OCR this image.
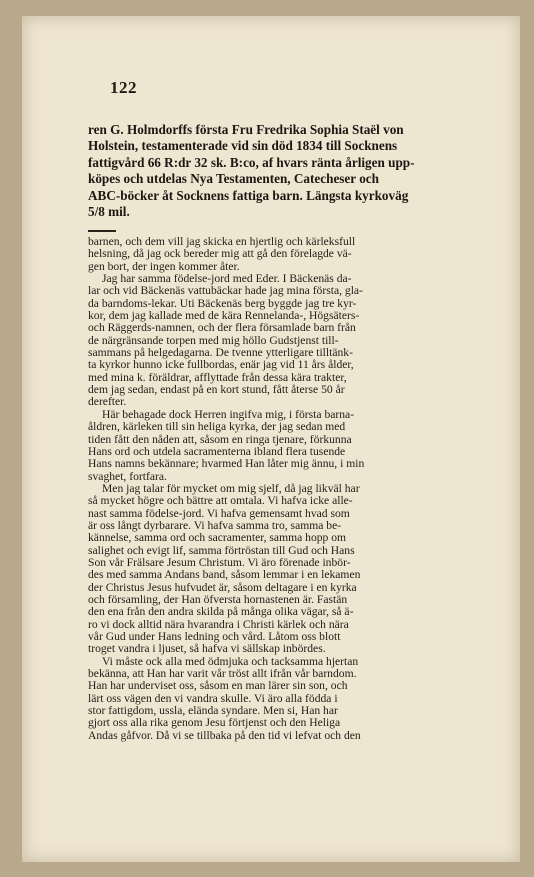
122
ren G. Holmdorffs första Fru Fredrika Sophia Staël von
Holstein, testamenterade vid sin död 1834 till Socknens
fattigvård 66 R:dr 32 sk. B:co, af hvars ränta årligen upp-
köpes och utdelas Nya Testamenten, Catecheser och
ABC-böcker åt Socknens fattiga barn. Längsta kyrkoväg
5/8 mil.
barnen, och dem vill jag skicka en hjertlig och kärleksfull
helsning, då jag ock bereder mig att gå den förelagde vä-
gen bort, der ingen kommer åter.
Jag har samma födelse-jord med Eder. I Bäckenäs da-
lar och vid Bäckenäs vattubäckar hade jag mina första, gla-
da barndoms-lekar. Uti Bäckenäs berg byggde jag tre kyr-
kor, dem jag kallade med de kära Rennelanda-, Högsäters-
och Räggerds-namnen, och der flera församlade barn från
de närgränsande torpen med mig höllo Gudstjenst till-
sammans på helgedagarna. De tvenne ytterligare tilltänk-
ta kyrkor hunno icke fullbordas, enär jag vid 11 års ålder,
med mina k. föräldrar, afflyttade från dessa kära trakter,
dem jag sedan, endast på en kort stund, fått återse 50 år
derefter.
Här behagade dock Herren ingifva mig, i första barna-
åldren, kärleken till sin heliga kyrka, der jag sedan med
tiden fått den nåden att, såsom en ringa tjenare, förkunna
Hans ord och utdela sacramenterna ibland flera tusende
Hans namns bekännare; hvarmed Han låter mig ännu, i min
svaghet, fortfara.
Men jag talar för mycket om mig sjelf, då jag likväl har
så mycket högre och bättre att omtala. Vi hafva icke alle-
nast samma födelse-jord. Vi hafva gemensamt hvad som
är oss långt dyrbarare. Vi hafva samma tro, samma be-
kännelse, samma ord och sacramenter, samma hopp om
salighet och evigt lif, samma förtröstan till Gud och Hans
Son vår Frälsare Jesum Christum. Vi äro förenade inbör-
des med samma Andans band, såsom lemmar i en lekamen
der Christus Jesus hufvudet är, såsom deltagare i en kyrka
och församling, der Han öfversta hornastenen är. Fastän
den ena från den andra skilda på många olika vägar, så ä-
ro vi dock alltid nära hvarandra i Christi kärlek och nära
vår Gud under Hans ledning och vård. Låtom oss blott
troget vandra i ljuset, så hafva vi sällskap inbördes.
Vi måste ock alla med ödmjuka och tacksamma hjertan
bekänna, att Han har varit vår tröst allt ifrån vår barndom.
Han har underviset oss, såsom en man lärer sin son, och
lärt oss vägen den vi vandra skulle. Vi äro alla födda i
stor fattigdom, ussla, elända syndare. Men si, Han har
gjort oss alla rika genom Jesu förtjenst och den Heliga
Andas gåfvor. Då vi se tillbaka på den tid vi lefvat och den
